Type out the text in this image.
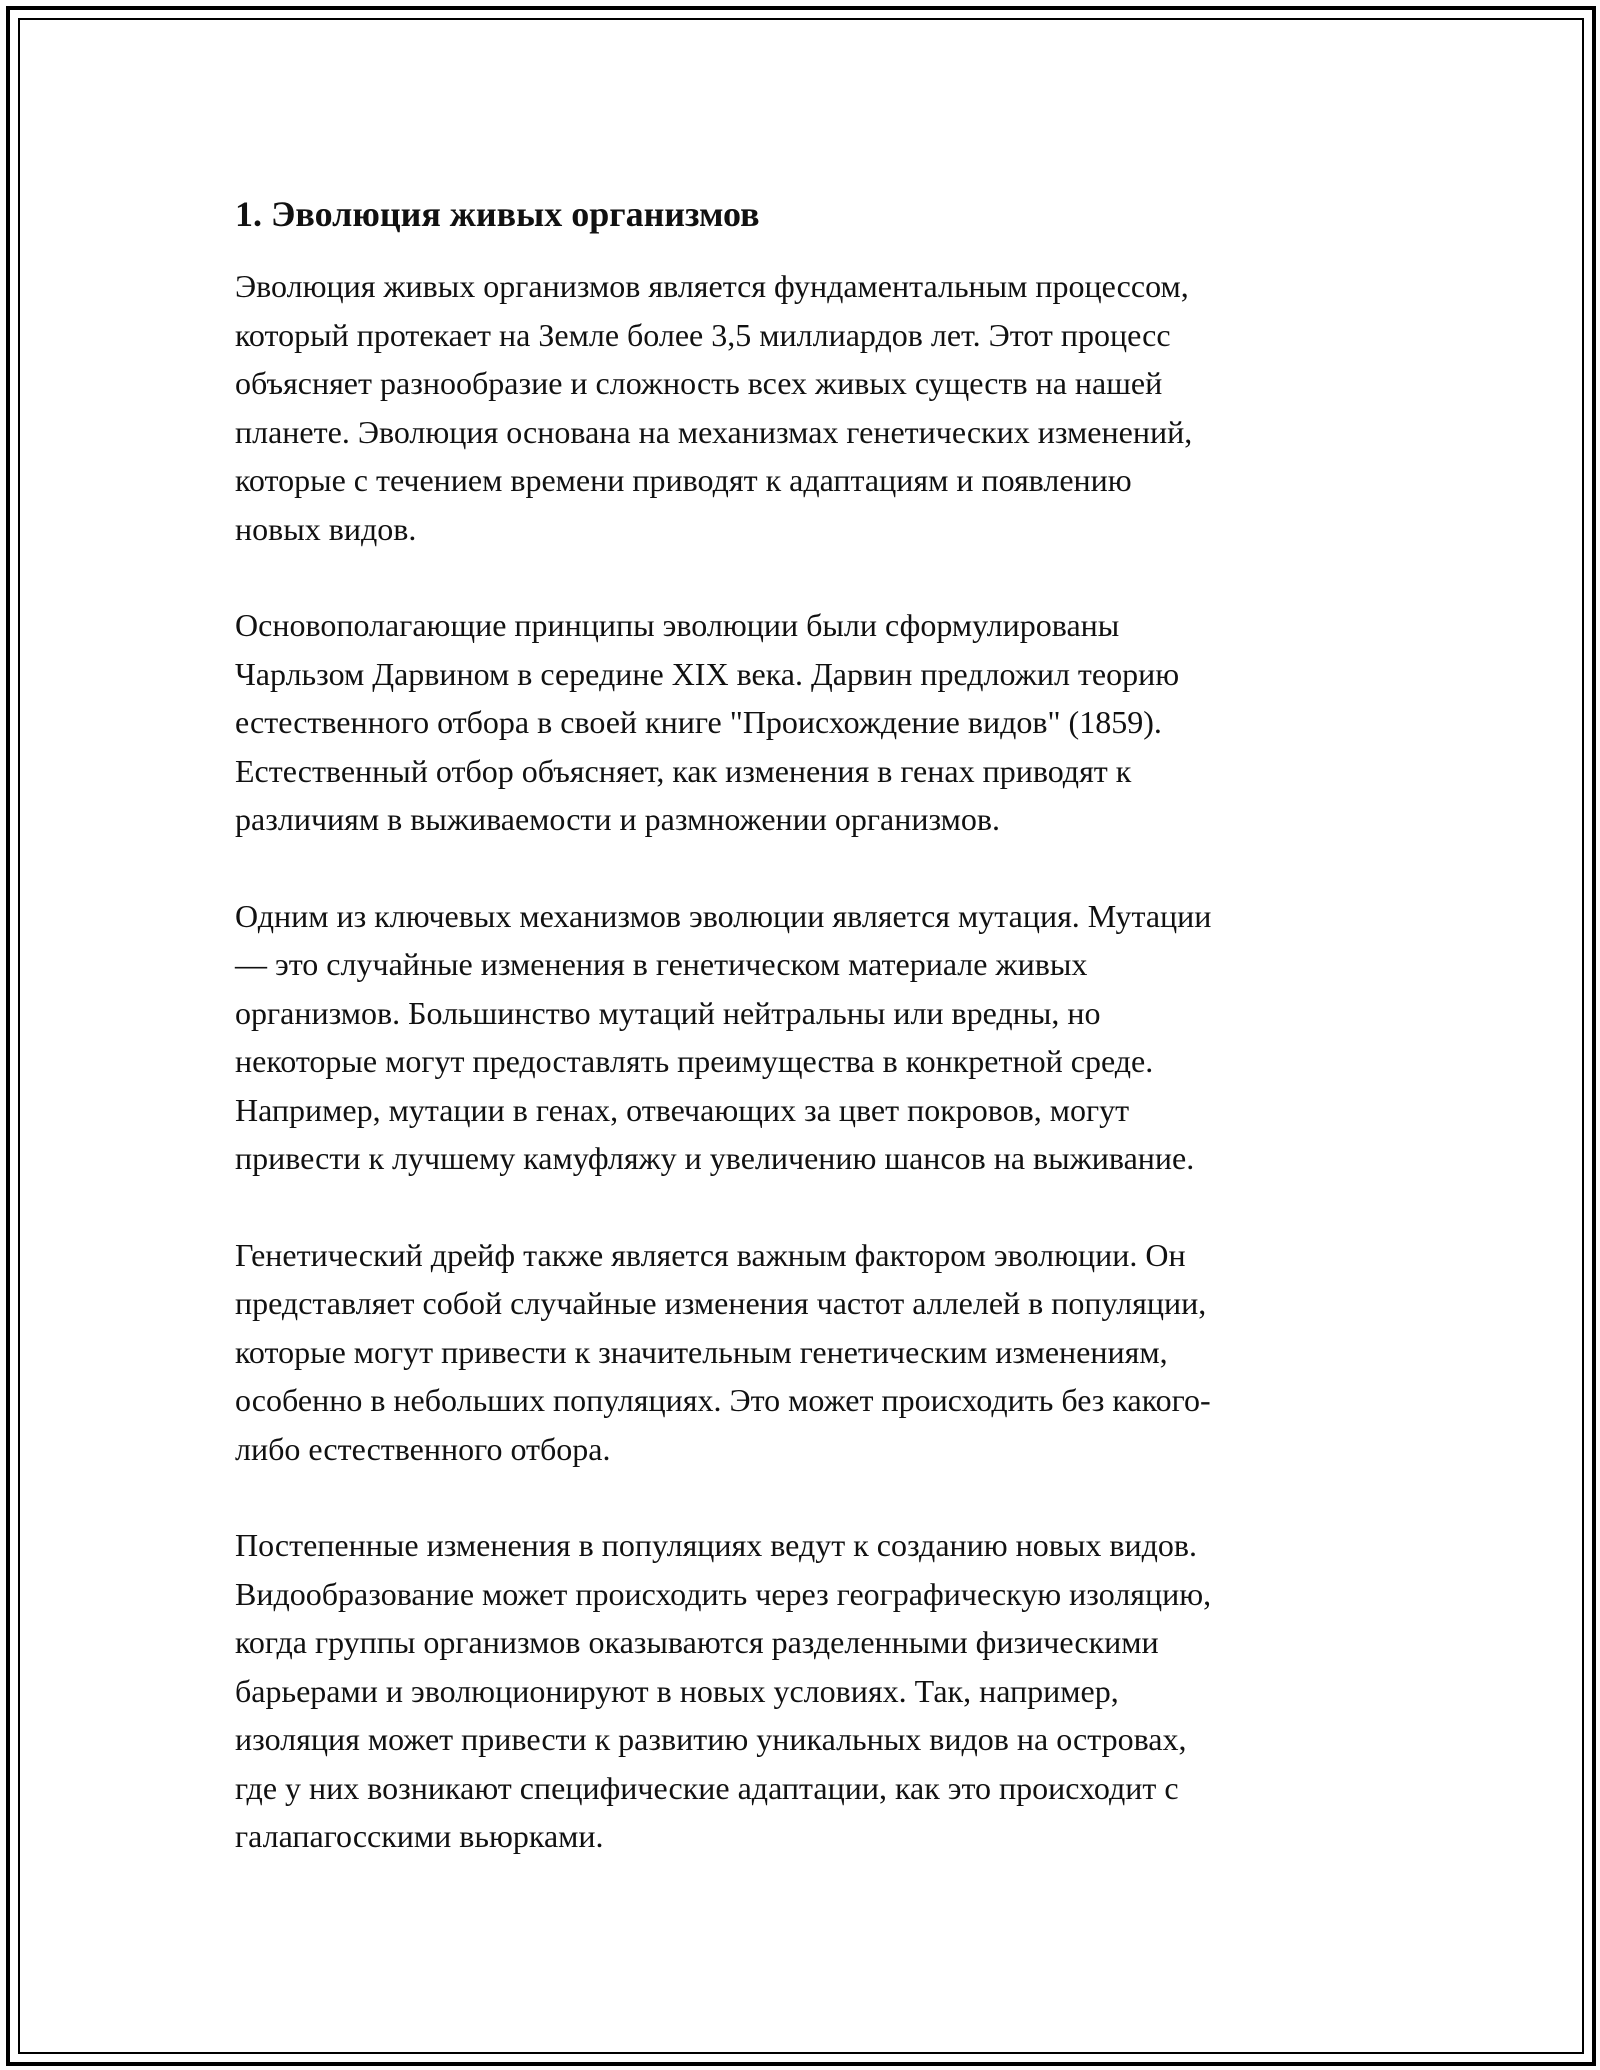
1. Эволюция живых организмов

Эволюция живых организмов является фундаментальным процессом,
который протекает на Земле более 3,5 миллиардов лет. Этот процесс
объясняет разнообразие и сложность всех живых существ на нашей
планете. Эволюция основана на механизмах генетических изменений,
которые с течением времени приводят к адаптациям и появлению
новых видов.

Основополагающие принципы эволюции были сформулированы
Чарльзом Дарвином в середине XIX века. Дарвин предложил теорию
естественного отбора в своей книге "Происхождение видов" (1859).
Естественный отбор объясняет, как изменения в генах приводят к
различиям в выживаемости и размножении организмов.

Одним из ключевых механизмов эволюции является мутация. Мутации
— это случайные изменения в генетическом материале живых
организмов. Большинство мутаций нейтральны или вредны, но
некоторые могут предоставлять преимущества в конкретной среде.
Например, мутации в генах, отвечающих за цвет покровов, могут
привести к лучшему камуфляжу и увеличению шансов на выживание.

Генетический дрейф также является важным фактором эволюции. Он
представляет собой случайные изменения частот аллелей в популяции,
которые могут привести к значительным генетическим изменениям,
особенно в небольших популяциях. Это может происходить без какого-
либо естественного отбора.

Постепенные изменения в популяциях ведут к созданию новых видов.
Видообразование может происходить через географическую изоляцию,
когда группы организмов оказываются разделенными физическими
барьерами и эволюционируют в новых условиях. Так, например,
изоляция может привести к развитию уникальных видов на островах,
где у них возникают специфические адаптации, как это происходит с
галапагосскими вьюрками.
